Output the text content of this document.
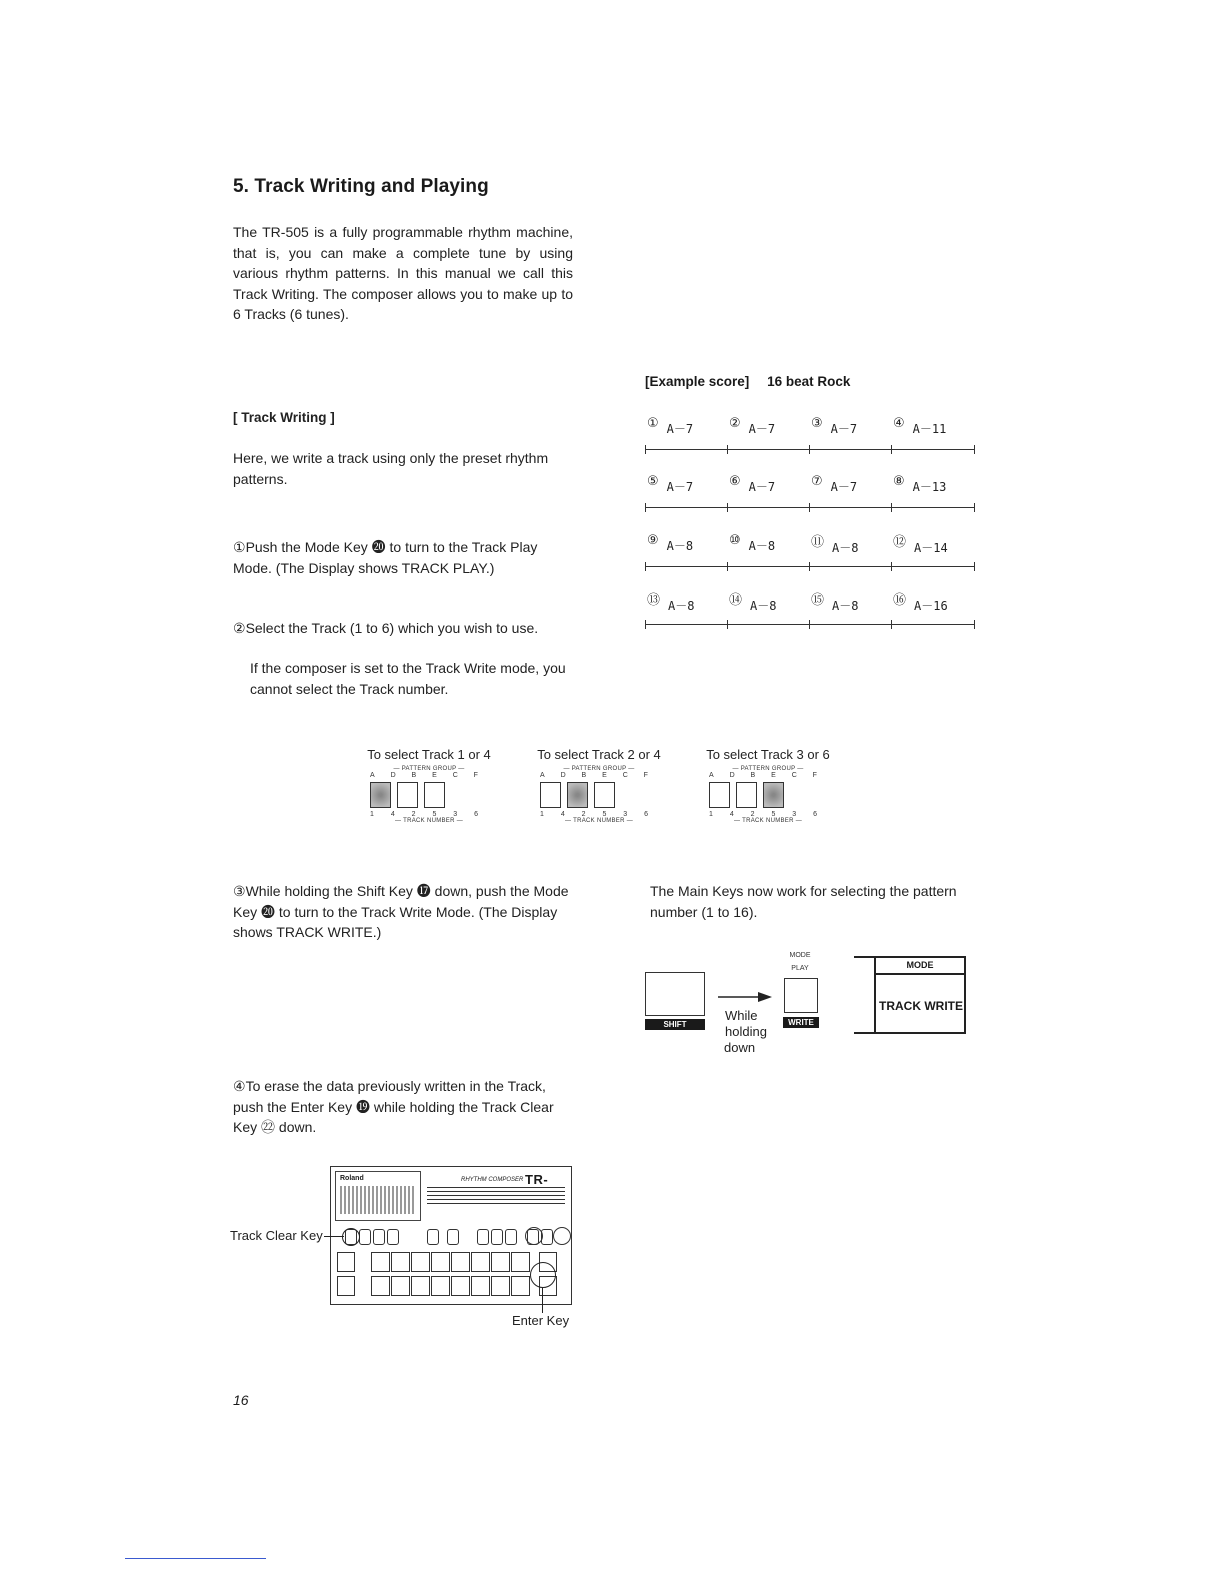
5. Track Writing and Playing
The TR-505 is a fully programmable rhythm machine, that is, you can make a complete tune by using various rhythm patterns. In this manual we call this Track Writing. The composer allows you to make up to 6 Tracks (6 tunes).
[ Track Writing ]
Here, we write a track using only the preset rhythm patterns.
①Push the Mode Key ⓴ to turn to the Track Play Mode. (The Display shows TRACK PLAY.)
②Select the Track (1 to 6) which you wish to use.
If the composer is set to the Track Write mode, you cannot select the Track number.
[Example score] 16 beat Rock
① A－7	② A－7	③ A－7	④ A－11
⑤ A－7	⑥ A－7	⑦ A－7	⑧ A－13
⑨ A－8	⑩ A－8	⑪ A－8	⑫ A－14
⑬ A－8	⑭ A－8	⑮ A－8	⑯ A－16
To select Track 1 or 4
— PATTERN GROUP —
A D B E C F
1 4 2 5 3 6
— TRACK NUMBER —
To select Track 2 or 4
— PATTERN GROUP —
A D B E C F
1 4 2 5 3 6
— TRACK NUMBER —
To select Track 3 or 6
— PATTERN GROUP —
A D B E C F
1 4 2 5 3 6
— TRACK NUMBER —
③While holding the Shift Key ⓱ down, push the Mode Key ⓴ to turn to the Track Write Mode. (The Display shows TRACK WRITE.)
The Main Keys now work for selecting the pattern number (1 to 16).
SHIFT
While
holding
down
MODE
PLAY
WRITE
MODE
TRACK WRITE
④To erase the data previously written in the Track, push the Enter Key ⓳ while holding the Track Clear Key ㉒ down.
Roland	RHYTHM COMPOSER TR-
Track Clear Key
Enter Key
16
